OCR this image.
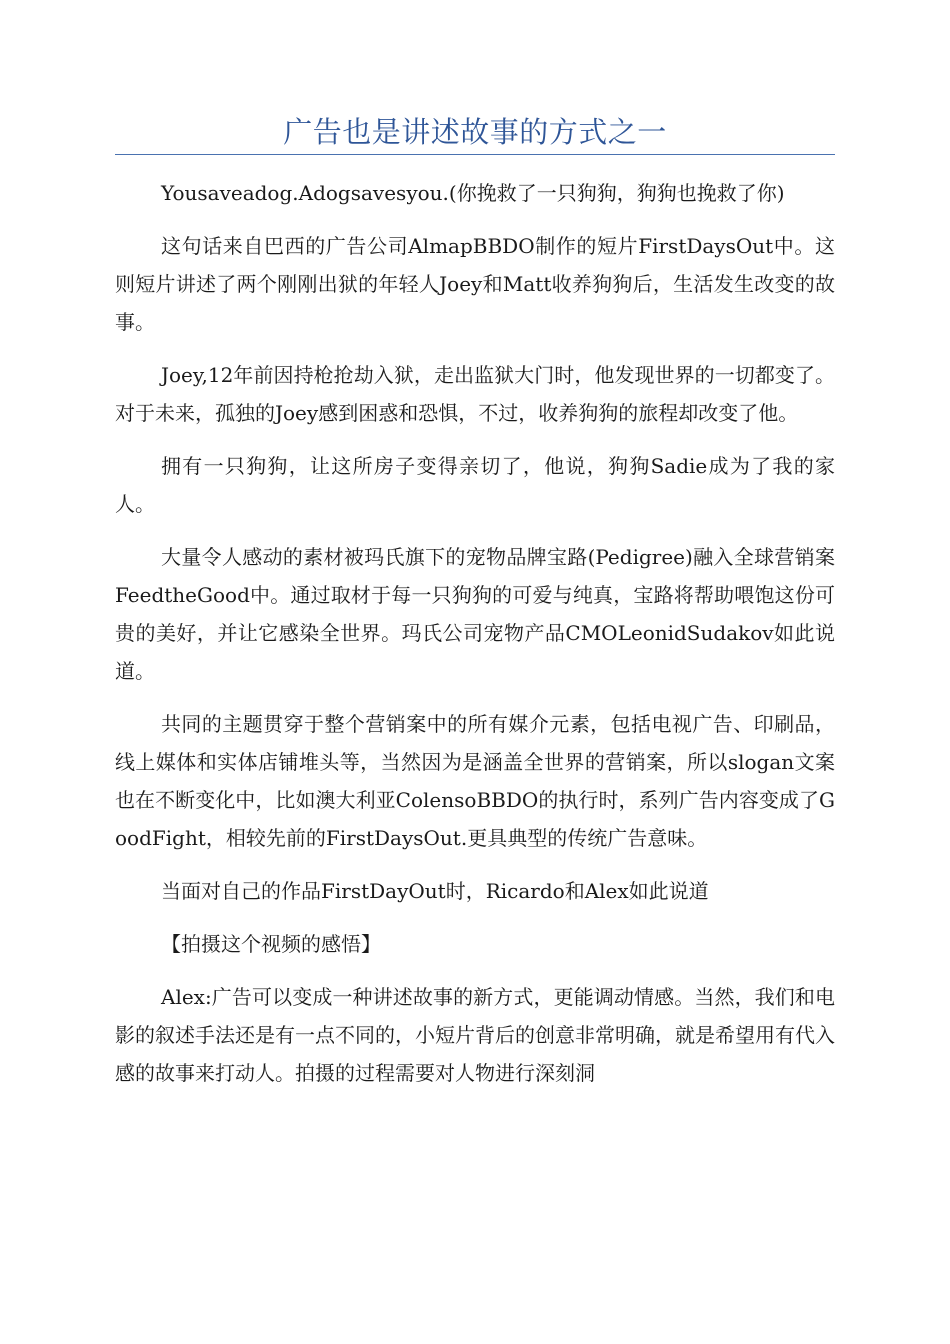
广告也是讲述故事的方式之一

Yousaveadog.Adogsavesyou.(你挽救了一只狗狗，狗狗也挽救了你)

这句话来自巴西的广告公司AlmapBBDO制作的短片FirstDaysOut中。这则短片讲述了两个刚刚出狱的年轻人Joey和Matt收养狗狗后，生活发生改变的故事。

Joey,12年前因持枪抢劫入狱，走出监狱大门时，他发现世界的一切都变了。对于未来，孤独的Joey感到困惑和恐惧，不过，收养狗狗的旅程却改变了他。

拥有一只狗狗，让这所房子变得亲切了，他说，狗狗Sadie成为了我的家人。

大量令人感动的素材被玛氏旗下的宠物品牌宝路(Pedigree)融入全球营销案FeedtheGood中。通过取材于每一只狗狗的可爱与纯真，宝路将帮助喂饱这份可贵的美好，并让它感染全世界。玛氏公司宠物产品CMOLeonidSudakov如此说道。

共同的主题贯穿于整个营销案中的所有媒介元素，包括电视广告、印刷品，线上媒体和实体店铺堆头等，当然因为是涵盖全世界的营销案，所以slogan文案也在不断变化中，比如澳大利亚ColensoBBDO的执行时，系列广告内容变成了GoodFight，相较先前的FirstDaysOut.更具典型的传统广告意味。

当面对自己的作品FirstDayOut时，Ricardo和Alex如此说道

【拍摄这个视频的感悟】

Alex:广告可以变成一种讲述故事的新方式，更能调动情感。当然，我们和电影的叙述手法还是有一点不同的，小短片背后的创意非常明确，就是希望用有代入感的故事来打动人。拍摄的过程需要对人物进行深刻洞
